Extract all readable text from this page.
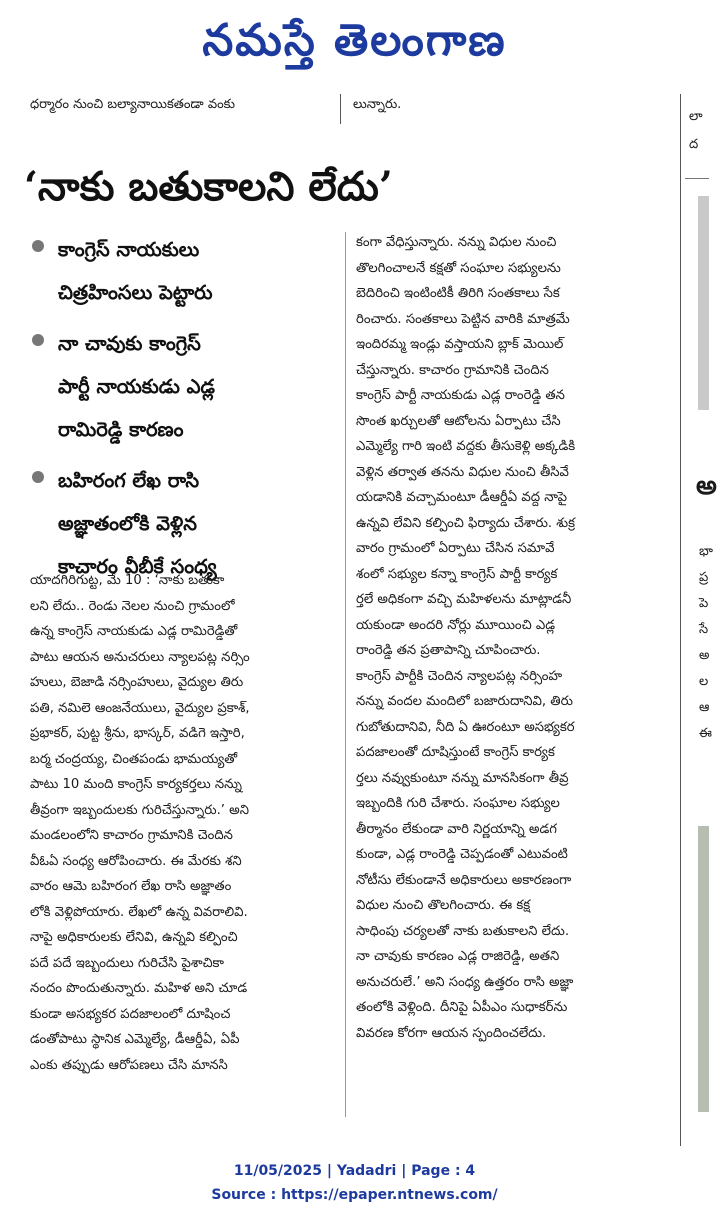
నమస్తే తెలంగాణ
ధర్మారం నుంచి బల్యానాయికతండా వంకు	లున్నారు.
లా
ద
‘నాకు బతుకాలని లేదు’
కాంగ్రెస్ నాయకులు
చిత్రహింసలు పెట్టారు
నా చావుకు కాంగ్రెస్
పార్టీ నాయకుడు ఎడ్ల
రామిరెడ్డి కారణం
బహిరంగ లేఖ రాసి
అజ్ఞాతంలోకి వెళ్లిన
కాచారం వీబీకే సంధ్య
యాదగిరిగుట్ట, మే 10 : ‘నాకు బతుకా
లని లేదు.. రెండు నెలల నుంచి గ్రామంలో
ఉన్న కాంగ్రెస్ నాయకుడు ఎడ్ల రామిరెడ్డితో
పాటు ఆయన అనుచరులు న్యాలపట్ల నర్సిం
హులు, బెజాడి నర్సింహులు, వైద్యుల తిరు
పతి, నమిలె ఆంజనేయులు, వైద్యుల ప్రకాశ్,
ప్రభాకర్, పుట్ట శ్రీను, భాస్కర్, వడిగె ఇస్తారి,
బర్మ చంద్రయ్య, చింతపండు భామయ్యతో
పాటు 10 మంది కాంగ్రెస్ కార్యకర్తలు నన్ను
తీవ్రంగా ఇబ్బందులకు గురిచేస్తున్నారు.’ అని
మండలంలోని కాచారం గ్రామానికి చెందిన
వీఓఏ సంధ్య ఆరోపించారు. ఈ మేరకు శని
వారం ఆమె బహిరంగ లేఖ రాసి అజ్ఞాతం
లోకి వెళ్లిపోయారు. లేఖలో ఉన్న వివరాలివి.
నాపై అధికారులకు లేనివి, ఉన్నవి కల్పించి
పదే పదే ఇబ్బందులు గురిచేసి పైశాచికా
నందం పొందుతున్నారు. మహిళ అని చూడ
కుండా అసభ్యకర పదజాలంలో దూషించ
డంతోపాటు స్థానిక ఎమ్మెల్యే, డీఆర్డీఏ, ఏపీ
ఎంకు తప్పుడు ఆరోపణలు చేసి మానసి
కంగా వేధిస్తున్నారు. నన్ను విధుల నుంచి
తొలగించాలనే కక్షతో సంఘాల సభ్యులను
బెదిరించి ఇంటింటికీ తిరిగి సంతకాలు సేక
రించారు. సంతకాలు పెట్టిన వారికి మాత్రమే
ఇందిరమ్మ ఇండ్లు వస్తాయని బ్లాక్ మెయిల్
చేస్తున్నారు. కాచారం గ్రామానికి చెందిన
కాంగ్రెస్ పార్టీ నాయకుడు ఎడ్ల రాంరెడ్డి తన
సొంత ఖర్చులతో ఆటోలను ఏర్పాటు చేసి
ఎమ్మెల్యే గారి ఇంటి వద్దకు తీసుకెళ్లి అక్కడికి
వెళ్లిన తర్వాత తనను విధుల నుంచి తీసివే
యడానికి వచ్చామంటూ డీఆర్డీఏ వద్ద నాపై
ఉన్నవి లేవిని కల్పించి ఫిర్యాదు చేశారు. శుక్ర
వారం గ్రామంలో ఏర్పాటు చేసిన సమావే
శంలో సభ్యుల కన్నా కాంగ్రెస్ పార్టీ కార్యక
ర్తలే అధికంగా వచ్చి మహిళలను మాట్లాడనీ
యకుండా అందరి నోర్లు మూయించి ఎడ్ల
రాంరెడ్డి తన ప్రతాపాన్ని చూపించారు.
కాంగ్రెస్ పార్టీకి చెందిన న్యాలపట్ల నర్సింహ
నన్ను వందల మందిలో బజారుదానివి, తిరు
గుబోతుదానివి, నీది ఏ ఊరంటూ అసభ్యకర
పదజాలంతో దూషిస్తుంటే కాంగ్రెస్ కార్యక
ర్తలు నవ్వుకుంటూ నన్ను మానసికంగా తీవ్ర
ఇబ్బందికి గురి చేశారు. సంఘాల సభ్యుల
తీర్మానం లేకుండా వారి నిర్ణయాన్ని అడగ
కుండా, ఎడ్ల రాంరెడ్డి చెప్పడంతో ఎటువంటి
నోటీసు లేకుండానే అధికారులు అకారణంగా
విధుల నుంచి తొలగించారు. ఈ కక్ష
సాధింపు చర్యలతో నాకు బతుకాలని లేదు.
నా చావుకు కారణం ఎడ్ల రాజిరెడ్డి, అతని
అనుచరులే.’ అని సంధ్య ఉత్తరం రాసి అజ్ఞా
తంలోకి వెళ్లింది. దీనిపై ఏపీఎం సుధాకర్‌ను
వివరణ కోరగా ఆయన స్పందించలేదు.
అ
భా
ప్ర
పె
సే
అ
ల
ఆ
ఈ
11/05/2025 | Yadadri | Page : 4
Source : https://epaper.ntnews.com/
